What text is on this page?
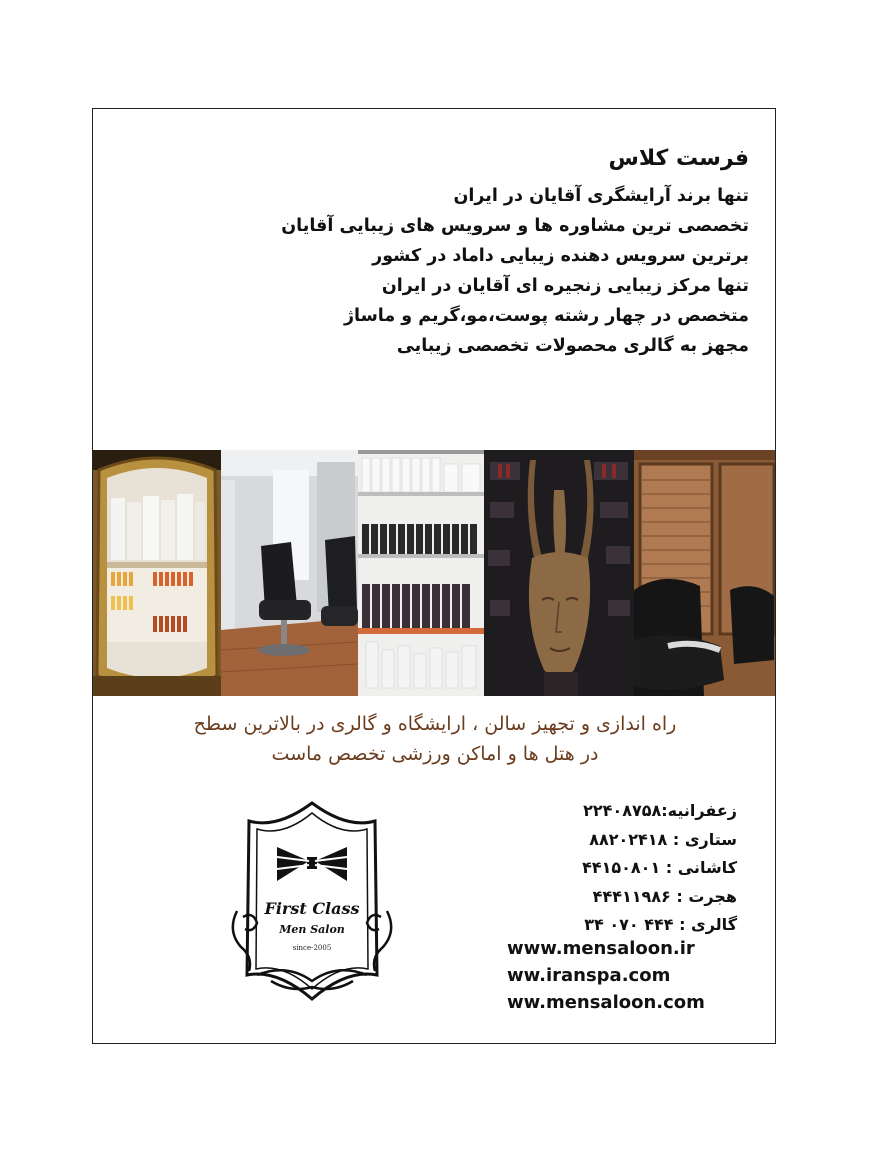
فرست کلاس
تنها برند آرایشگری آقایان در ایران
تخصصی ترین مشاوره ها و سرویس های زیبایی آقایان
برترین سرویس دهنده زیبایی داماد در کشور
تنها مرکز زیبایی زنجیره ای آقایان در ایران
متخصص در چهار رشته پوست،مو،گریم و ماساژ
مجهز به گالری محصولات تخصصی زیبایی
راه اندازی و تجهیز سالن ، ارایشگاه و گالری در بالاترین سطح
در هتل ها و اماکن ورزشی تخصص ماست
First Class
Men Salon
since-2005
زعفرانیه:۲۲۴۰۸۷۵۸
ستاری : ۸۸۲۰۲۴۱۸
کاشانی : ۴۴۱۵۰۸۰۱
هجرت : ۴۴۴۱۱۹۸۶
گالری : ۴۴۴ ۰۷۰ ۳۴
www.mensaloon.ir
ww.iranspa.com
ww.mensaloon.com
